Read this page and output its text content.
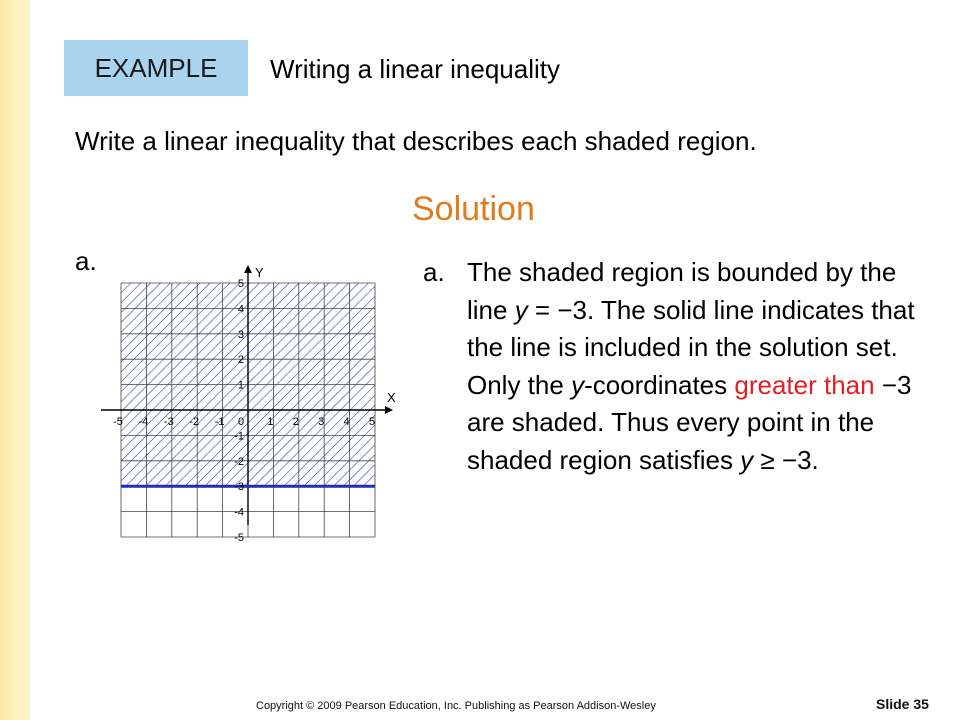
EXAMPLE Writing a linear inequality
Write a linear inequality that describes each shaded region.
Solution
a.
-5 -4 -3 -2 -1 0 1 2 3 4 5
5
4
3
2
1
-1
-2
-3
-4
-5
X
Y	a. The shaded region is bounded by the line y = −3. The solid line indicates that the line is included in the solution set. Only the y-coordinates greater than −3 are shaded. Thus every point in the shaded region satisfies y ≥ −3.
Copyright © 2009 Pearson Education, Inc. Publishing as Pearson Addison-Wesley	Slide 35
